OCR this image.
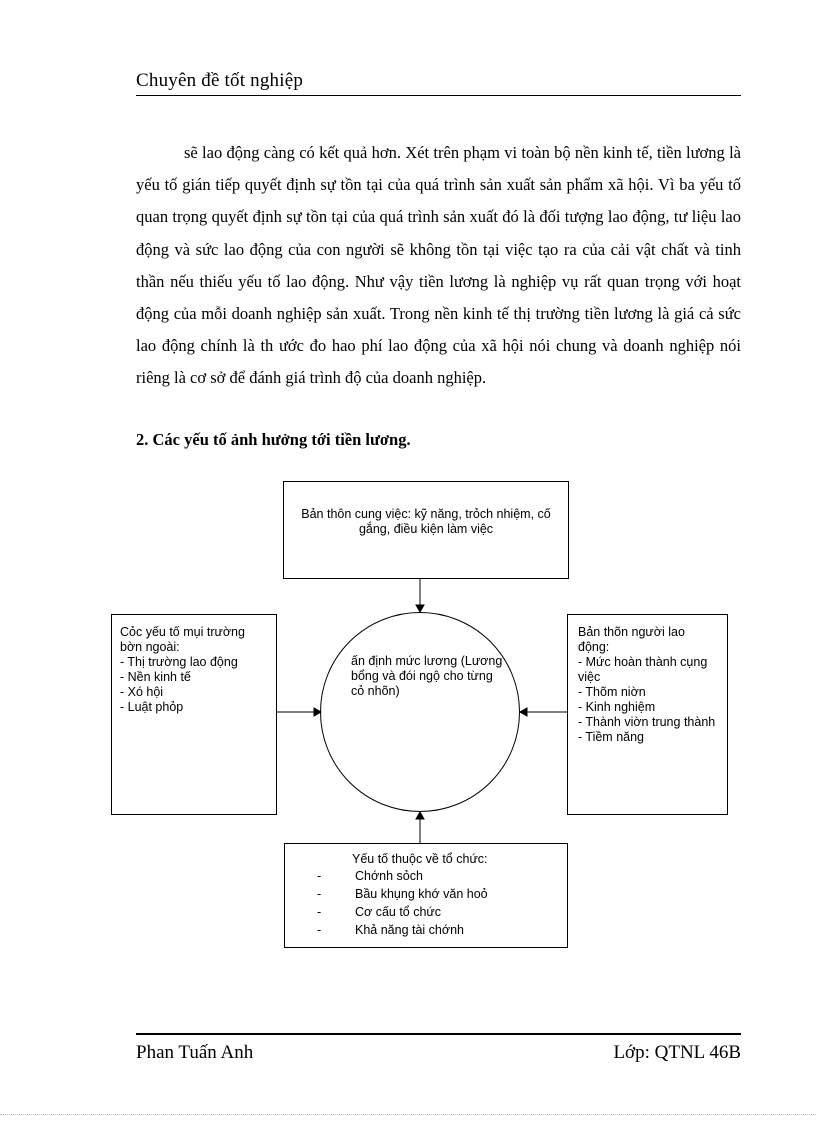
Chuyên đề tốt nghiệp

sẽ lao động càng có kết quả hơn. Xét trên phạm vi toàn bộ nền kinh tế, tiền lương là yếu tố gián tiếp quyết định sự tồn tại của quá trình sản xuất sản phẩm xã hội. Vì ba yếu tố quan trọng quyết định sự tồn tại của quá trình sản xuất đó là đối tượng lao động, tư liệu lao động và sức lao động của con người sẽ không tồn tại việc tạo ra của cải vật chất và tinh thần nếu thiếu yếu tố lao động. Như vậy tiền lương là nghiệp vụ rất quan trọng với hoạt động của mỗi doanh nghiệp sản xuất. Trong nền kinh tế thị trường tiền lương là giá cả sức lao động chính là th ước đo hao phí lao động của xã hội nói chung và doanh nghiệp nói riêng là cơ sở để đánh giá trình độ của doanh nghiệp.

2. Các yếu tố ảnh hưởng tới tiền lương.
Bản thôn cung việc: kỹ năng, trỏch nhiệm, cố gắng, điều kiện làm việc
Cỏc yếu tố mụi trường bờn ngoài:
- Thị trường lao động
- Nền kinh tế
- Xó hội
- Luật phỏp
ấn định mức lương (Lương bổng và đói ngộ cho từng cỏ nhõn)
Bản thõn người lao động:
- Mức hoàn thành cụng việc
- Thõm niờn
- Kinh nghiệm
- Thành viờn trung thành
- Tiềm năng
Yếu tố thuộc về tổ chức:
- Chớnh sỏch
- Bầu khụng khớ văn hoỏ
- Cơ cấu tổ chức
- Khả năng tài chớnh
Phan Tuấn Anh	Lớp: QTNL 46B
